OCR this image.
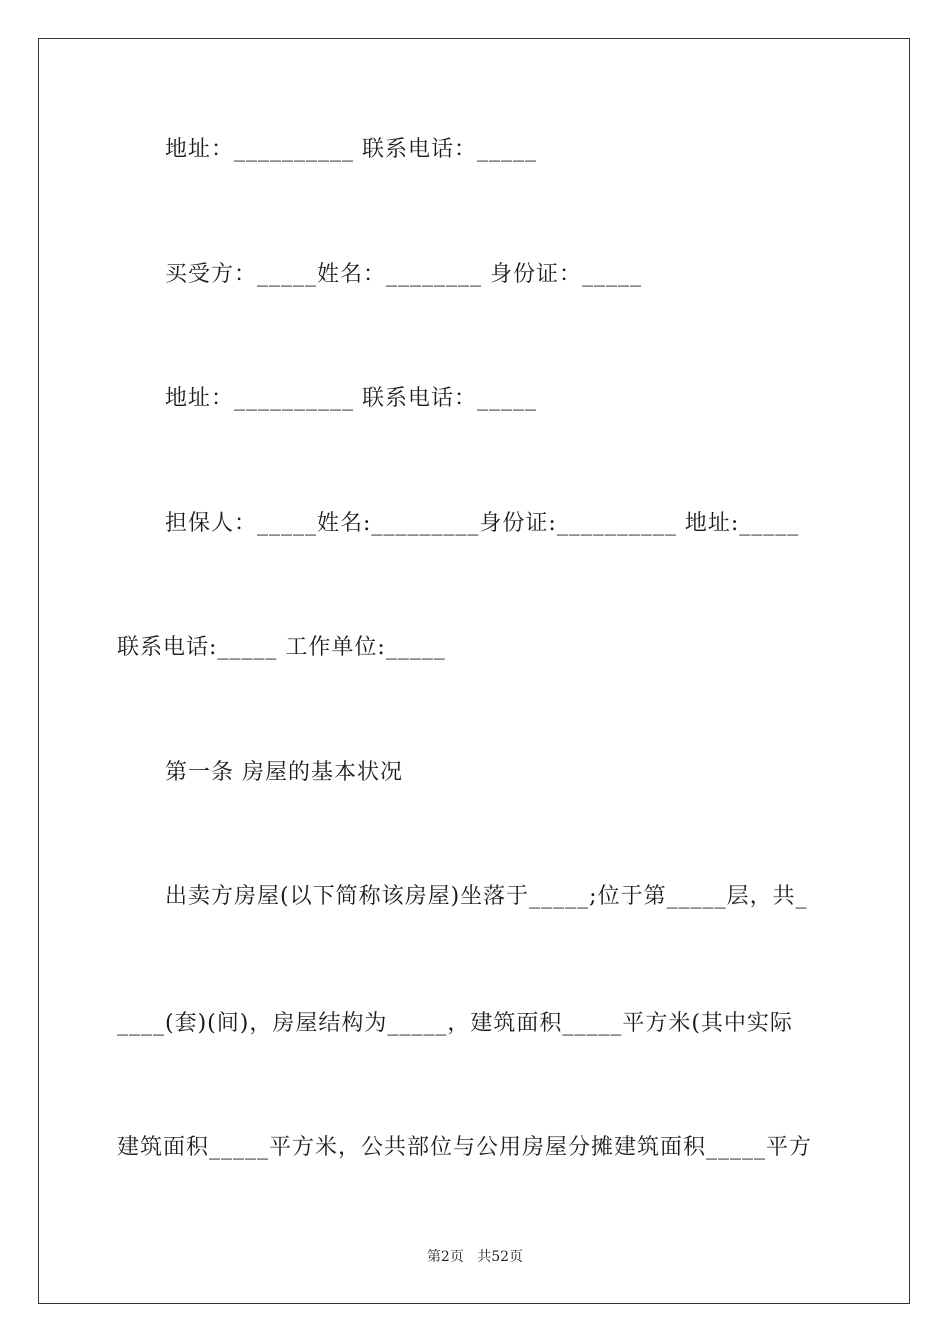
地址：__________ 联系电话：_____
买受方：_____姓名：________ 身份证：_____
地址：__________ 联系电话：_____
担保人：_____姓名:_________身份证:__________ 地址:_____
联系电话:_____ 工作单位:_____
第一条 房屋的基本状况
出卖方房屋(以下简称该房屋)坐落于_____;位于第_____层，共_
____(套)(间)，房屋结构为_____，建筑面积_____平方米(其中实际
建筑面积_____平方米，公共部位与公用房屋分摊建筑面积_____平方
第2页 共52页
